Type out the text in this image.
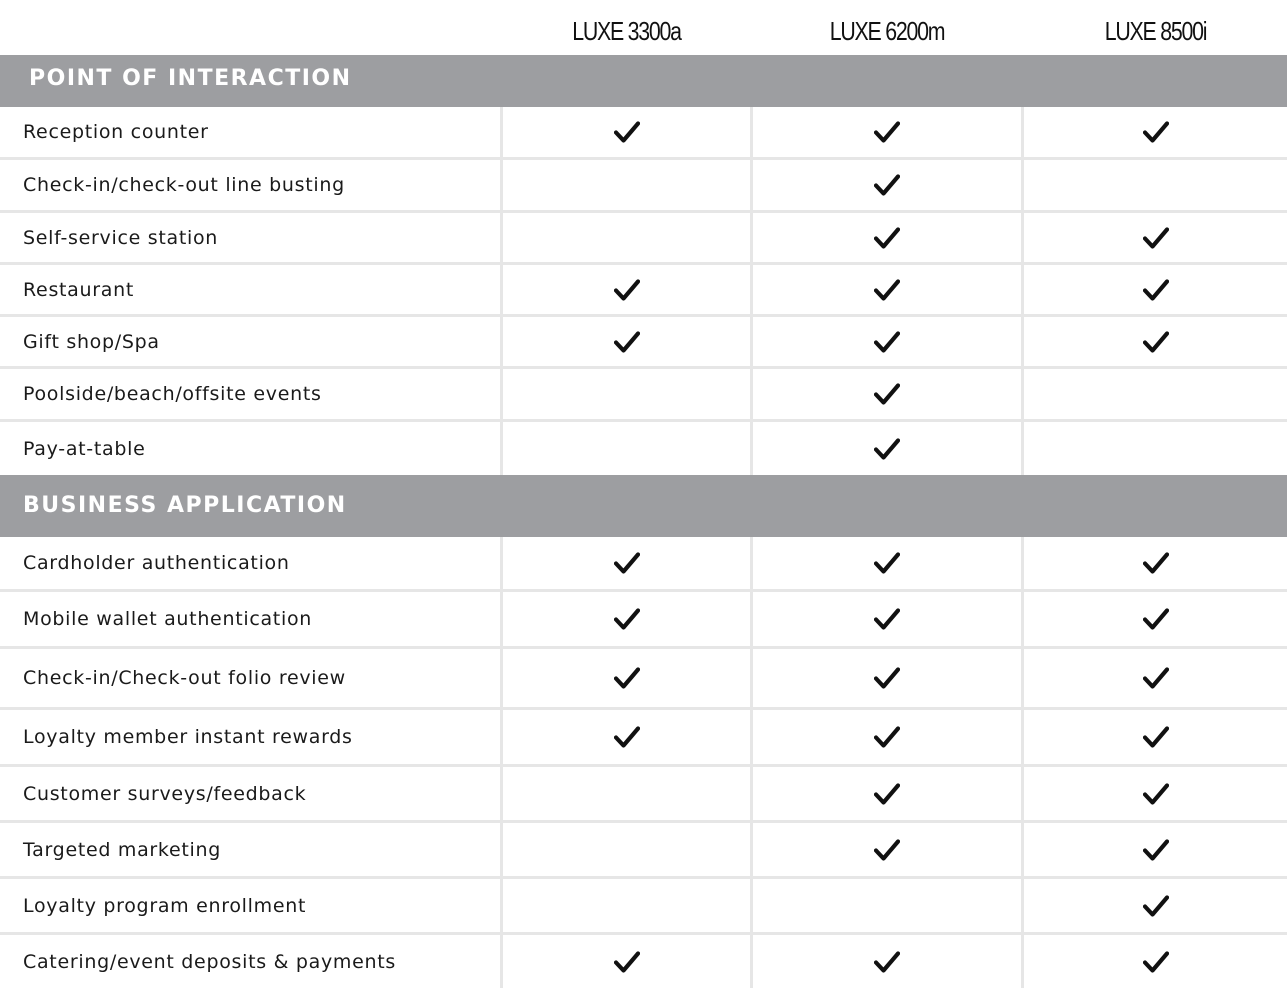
LUXE 3300a	LUXE 6200m	LUXE 8500i
POINT OF INTERACTION
Reception counter
Check-in/check-out line busting
Self-service station
Restaurant
Gift shop/Spa
Poolside/beach/offsite events
Pay-at-table
BUSINESS APPLICATION
Cardholder authentication
Mobile wallet authentication
Check-in/Check-out folio review
Loyalty member instant rewards
Customer surveys/feedback
Targeted marketing
Loyalty program enrollment
Catering/event deposits & payments
